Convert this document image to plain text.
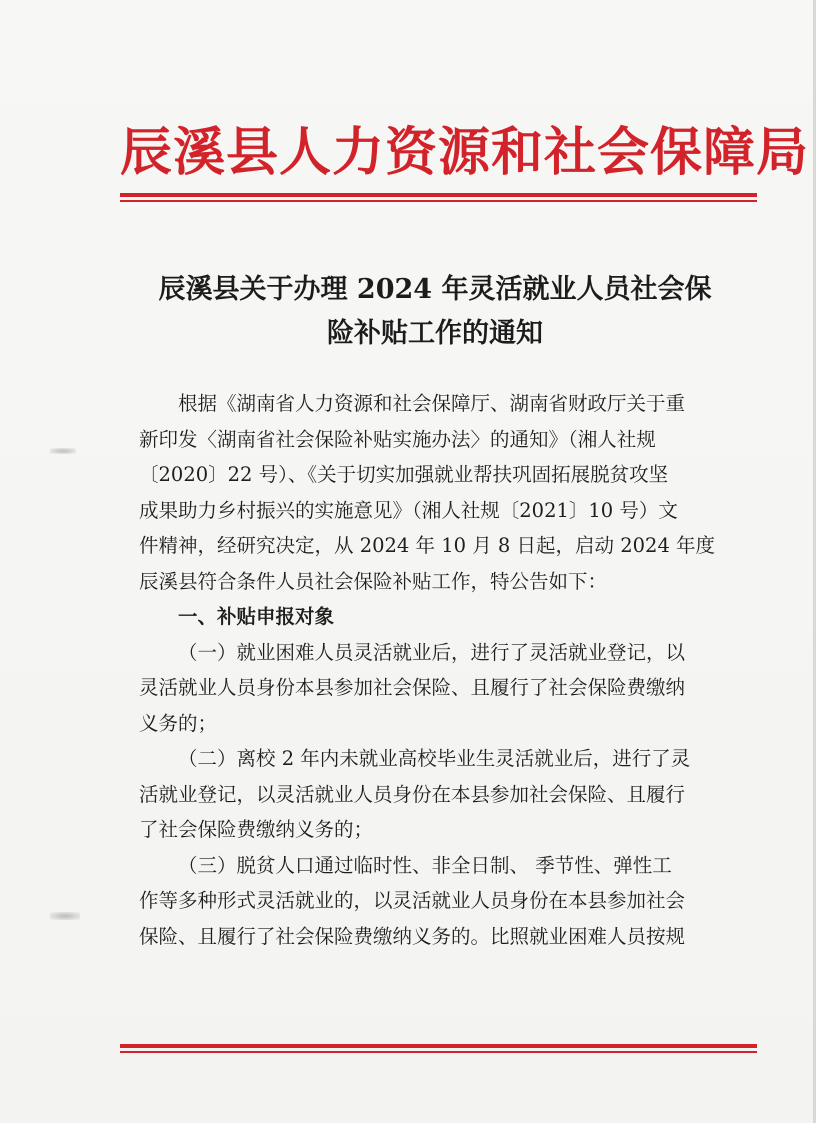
辰溪县人力资源和社会保障局
辰溪县关于办理 2024 年灵活就业人员社会保
险补贴工作的通知
根据《湖南省人力资源和社会保障厅、湖南省财政厅关于重
新印发〈湖南省社会保险补贴实施办法〉的通知》（湘人社规
〔2020〕22 号）、《关于切实加强就业帮扶巩固拓展脱贫攻坚
成果助力乡村振兴的实施意见》（湘人社规〔2021〕10 号）文
件精神，经研究决定，从 2024 年 10 月 8 日起，启动 2024 年度
辰溪县符合条件人员社会保险补贴工作，特公告如下：
一、补贴申报对象
（一）就业困难人员灵活就业后，进行了灵活就业登记，以
灵活就业人员身份本县参加社会保险、且履行了社会保险费缴纳
义务的；
（二）离校 2 年内未就业高校毕业生灵活就业后，进行了灵
活就业登记，以灵活就业人员身份在本县参加社会保险、且履行
了社会保险费缴纳义务的；
（三）脱贫人口通过临时性、非全日制、 季节性、弹性工
作等多种形式灵活就业的，以灵活就业人员身份在本县参加社会
保险、且履行了社会保险费缴纳义务的。比照就业困难人员按规
